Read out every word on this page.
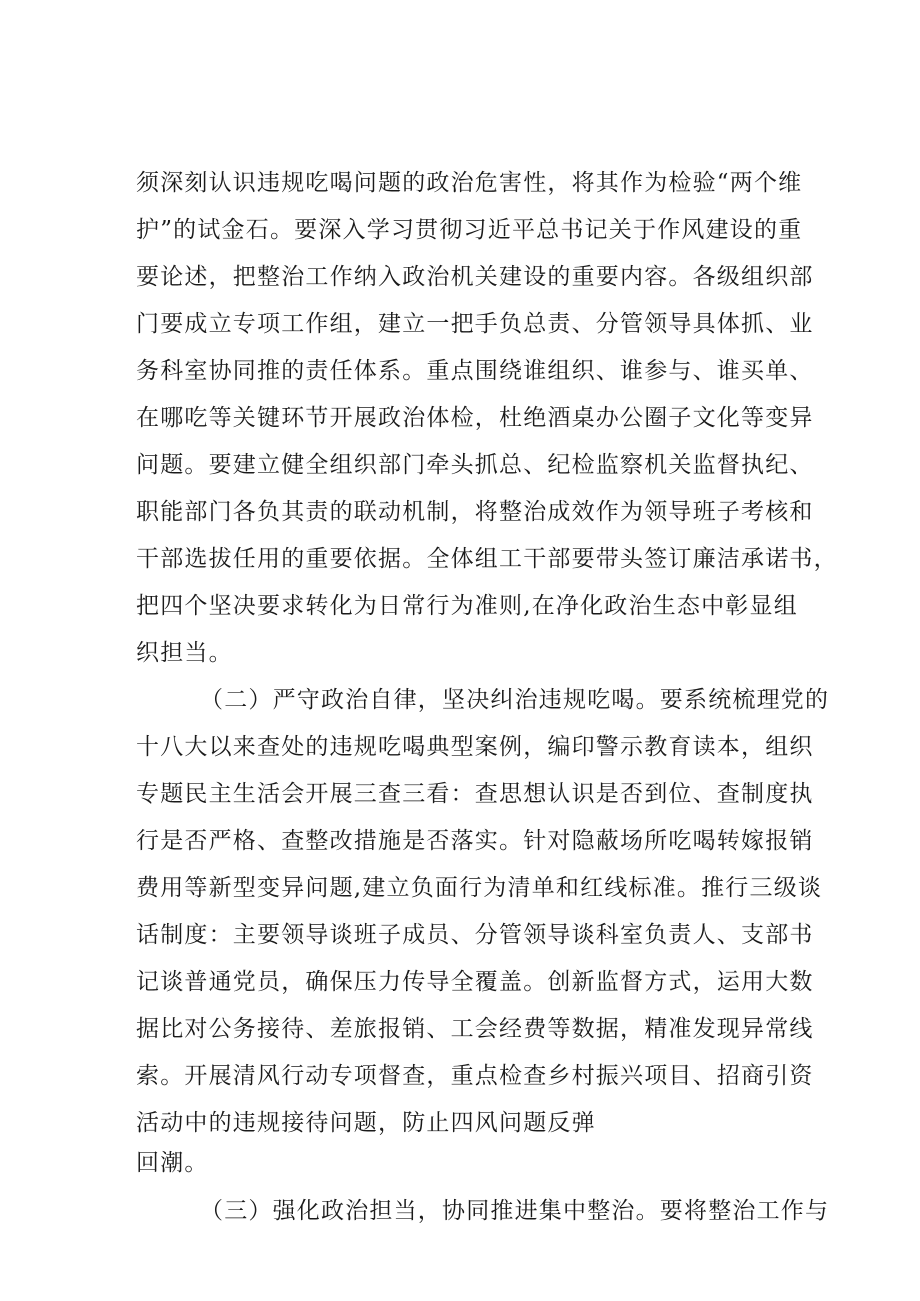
须深刻认识违规吃喝问题的政治危害性，将其作为检验“两个维
护”的试金石。要深入学习贯彻习近平总书记关于作风建设的重
要论述，把整治工作纳入政治机关建设的重要内容。各级组织部
门要成立专项工作组，建立一把手负总责、分管领导具体抓、业
务科室协同推的责任体系。重点围绕谁组织、谁参与、谁买单、
在哪吃等关键环节开展政治体检，杜绝酒桌办公圈子文化等变异
问题。要建立健全组织部门牵头抓总、纪检监察机关监督执纪、
职能部门各负其责的联动机制，将整治成效作为领导班子考核和
干部选拔任用的重要依据。全体组工干部要带头签订廉洁承诺书，
把四个坚决要求转化为日常行为准则,在净化政治生态中彰显组
织担当。
（二）严守政治自律，坚决纠治违规吃喝。要系统梳理党的
十八大以来查处的违规吃喝典型案例，编印警示教育读本，组织
专题民主生活会开展三查三看：查思想认识是否到位、查制度执
行是否严格、查整改措施是否落实。针对隐蔽场所吃喝转嫁报销
费用等新型变异问题,建立负面行为清单和红线标准。推行三级谈
话制度：主要领导谈班子成员、分管领导谈科室负责人、支部书
记谈普通党员，确保压力传导全覆盖。创新监督方式，运用大数
据比对公务接待、差旅报销、工会经费等数据，精准发现异常线
索。开展清风行动专项督查，重点检查乡村振兴项目、招商引资
活动中的违规接待问题，防止四风问题反弹
回潮。
（三）强化政治担当，协同推进集中整治。要将整治工作与
